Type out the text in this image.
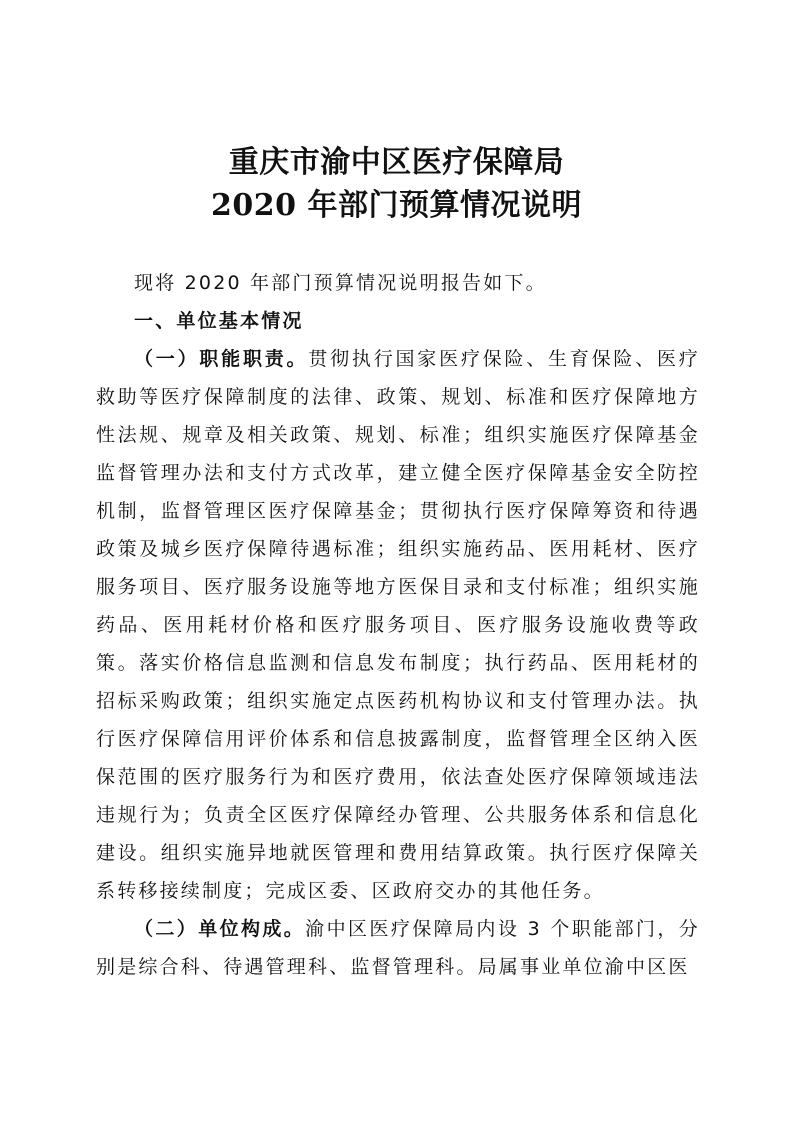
重庆市渝中区医疗保障局
2020 年部门预算情况说明

现将 2020 年部门预算情况说明报告如下。

一、单位基本情况

（一）职能职责。贯彻执行国家医疗保险、生育保险、医疗救助等医疗保障制度的法律、政策、规划、标准和医疗保障地方性法规、规章及相关政策、规划、标准；组织实施医疗保障基金监督管理办法和支付方式改革，建立健全医疗保障基金安全防控机制，监督管理区医疗保障基金；贯彻执行医疗保障筹资和待遇政策及城乡医疗保障待遇标准；组织实施药品、医用耗材、医疗服务项目、医疗服务设施等地方医保目录和支付标准；组织实施药品、医用耗材价格和医疗服务项目、医疗服务设施收费等政策。落实价格信息监测和信息发布制度；执行药品、医用耗材的招标采购政策；组织实施定点医药机构协议和支付管理办法。执行医疗保障信用评价体系和信息披露制度，监督管理全区纳入医保范围的医疗服务行为和医疗费用，依法查处医疗保障领域违法违规行为；负责全区医疗保障经办管理、公共服务体系和信息化建设。组织实施异地就医管理和费用结算政策。执行医疗保障关系转移接续制度；完成区委、区政府交办的其他任务。

（二）单位构成。渝中区医疗保障局内设 3 个职能部门，分别是综合科、待遇管理科、监督管理科。局属事业单位渝中区医
